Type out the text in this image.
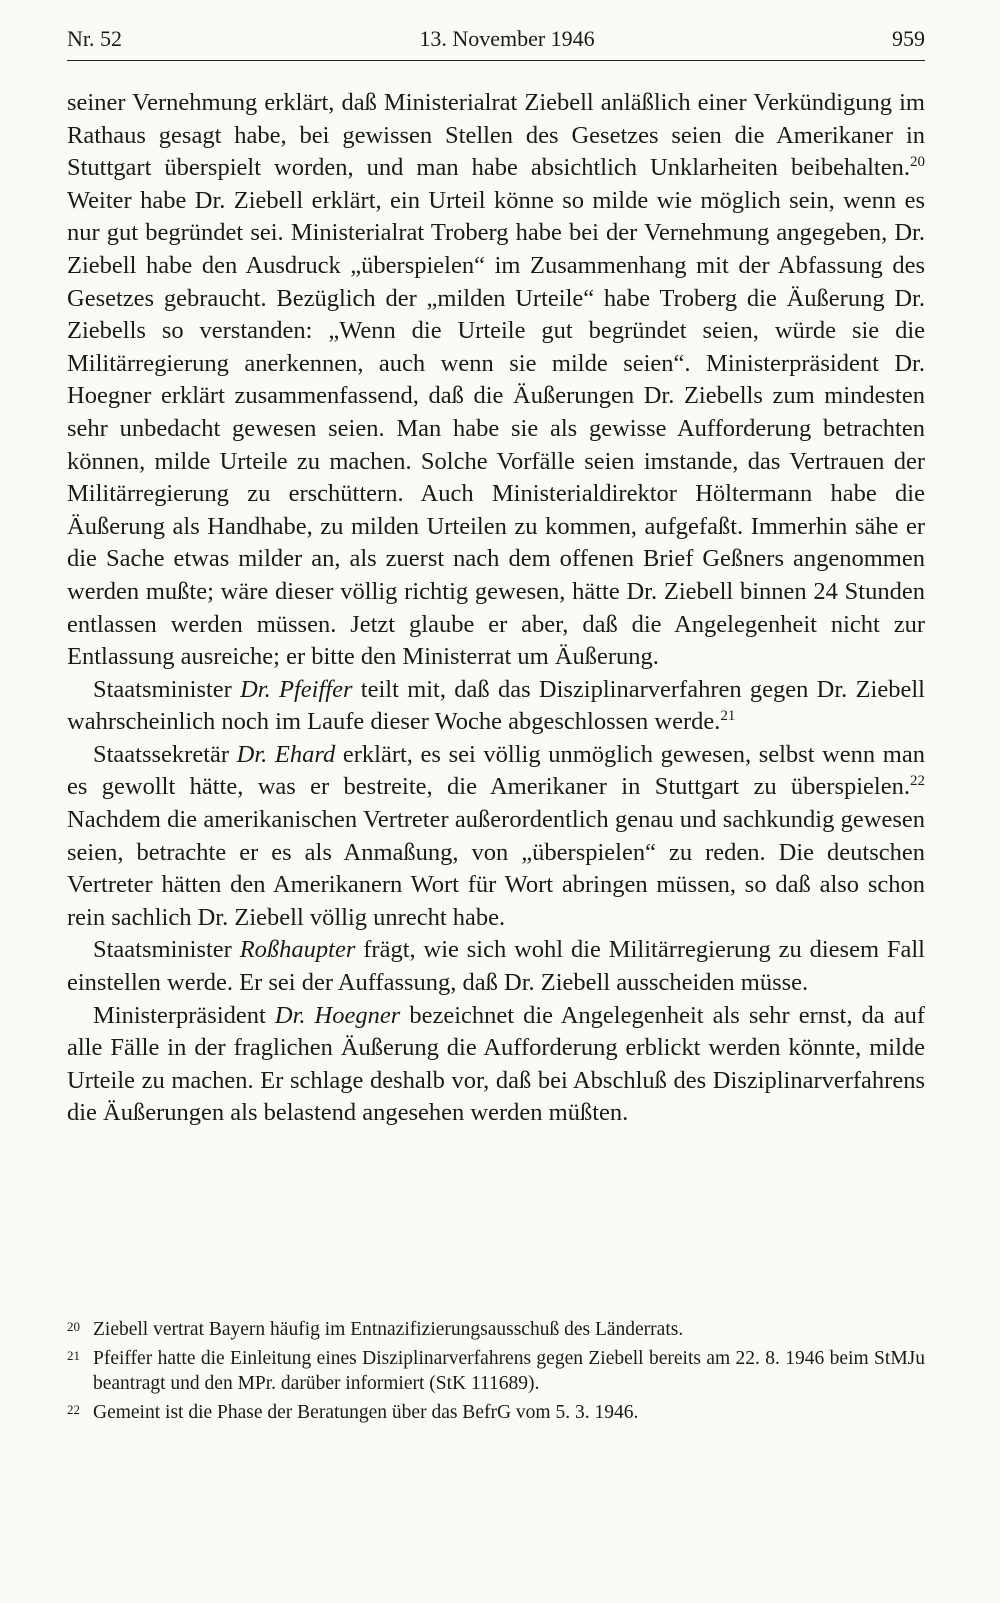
Nr. 52	13. November 1946	959

seiner Vernehmung erklärt, daß Ministerialrat Ziebell anläßlich einer Verkündigung im Rathaus gesagt habe, bei gewissen Stellen des Gesetzes seien die Amerikaner in Stuttgart überspielt worden, und man habe absichtlich Unklarheiten beibehalten.$^{20}$ Weiter habe Dr. Ziebell erklärt, ein Urteil könne so milde wie möglich sein, wenn es nur gut begründet sei. Ministerialrat Troberg habe bei der Vernehmung angegeben, Dr. Ziebell habe den Ausdruck „überspielen“ im Zusammenhang mit der Abfassung des Gesetzes gebraucht. Bezüglich der „milden Urteile“ habe Troberg die Äußerung Dr. Ziebells so verstanden: „Wenn die Urteile gut begründet seien, würde sie die Militärregierung anerkennen, auch wenn sie milde seien“. Ministerpräsident Dr. Hoegner erklärt zusammenfassend, daß die Äußerungen Dr. Ziebells zum mindesten sehr unbedacht gewesen seien. Man habe sie als gewisse Aufforderung betrachten können, milde Urteile zu machen. Solche Vorfälle seien imstande, das Vertrauen der Militärregierung zu erschüttern. Auch Ministerialdirektor Höltermann habe die Äußerung als Handhabe, zu milden Urteilen zu kommen, aufgefaßt. Immerhin sähe er die Sache etwas milder an, als zuerst nach dem offenen Brief Geßners angenommen werden mußte; wäre dieser völlig richtig gewesen, hätte Dr. Ziebell binnen 24 Stunden entlassen werden müssen. Jetzt glaube er aber, daß die Angelegenheit nicht zur Entlassung ausreiche; er bitte den Ministerrat um Äußerung.

Staatsminister Dr. Pfeiffer teilt mit, daß das Disziplinarverfahren gegen Dr. Ziebell wahrscheinlich noch im Laufe dieser Woche abgeschlossen werde.$^{21}$

Staatssekretär Dr. Ehard erklärt, es sei völlig unmöglich gewesen, selbst wenn man es gewollt hätte, was er bestreite, die Amerikaner in Stuttgart zu überspielen.$^{22}$ Nachdem die amerikanischen Vertreter außerordentlich genau und sachkundig gewesen seien, betrachte er es als Anmaßung, von „überspielen“ zu reden. Die deutschen Vertreter hätten den Amerikanern Wort für Wort abringen müssen, so daß also schon rein sachlich Dr. Ziebell völlig unrecht habe.

Staatsminister Roßhaupter frägt, wie sich wohl die Militärregierung zu diesem Fall einstellen werde. Er sei der Auffassung, daß Dr. Ziebell ausscheiden müsse.

Ministerpräsident Dr. Hoegner bezeichnet die Angelegenheit als sehr ernst, da auf alle Fälle in der fraglichen Äußerung die Aufforderung erblickt werden könnte, milde Urteile zu machen. Er schlage deshalb vor, daß bei Abschluß des Disziplinarverfahrens die Äußerungen als belastend angesehen werden müßten.

20 Ziebell vertrat Bayern häufig im Entnazifizierungsausschuß des Länderrats.
21 Pfeiffer hatte die Einleitung eines Disziplinarverfahrens gegen Ziebell bereits am 22. 8. 1946 beim StMJu beantragt und den MPr. darüber informiert (StK 111689).
22 Gemeint ist die Phase der Beratungen über das BefrG vom 5. 3. 1946.
